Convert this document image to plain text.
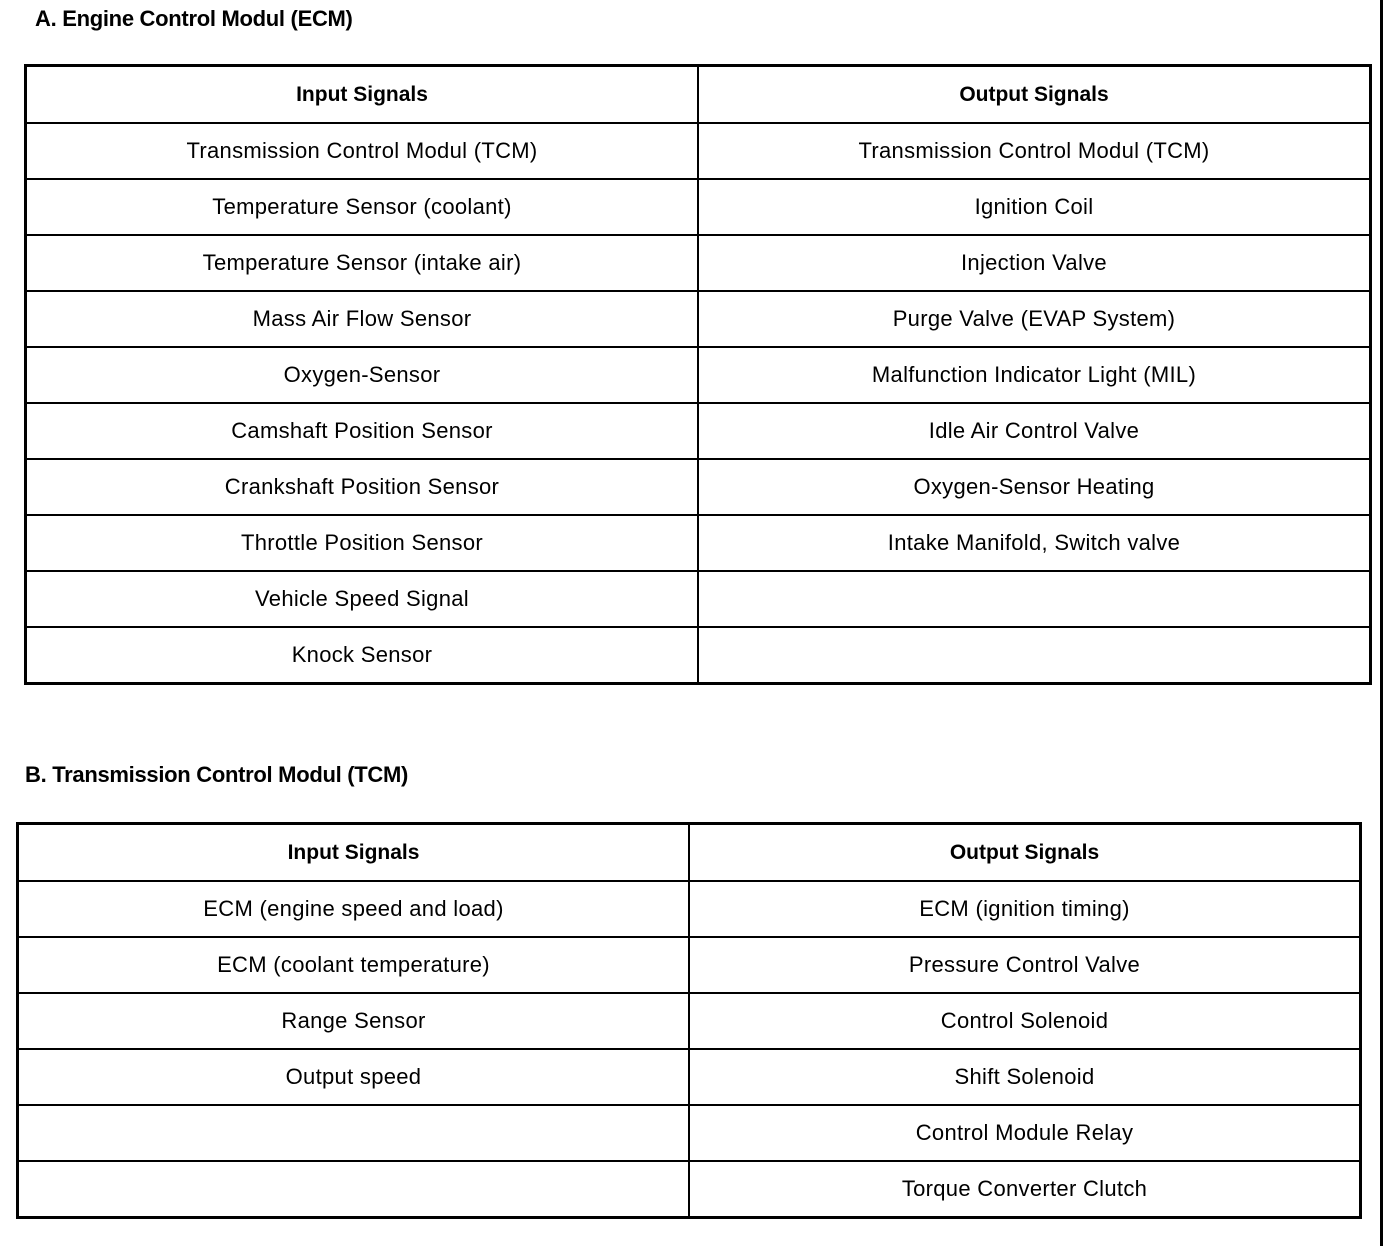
A. Engine Control Modul (ECM)
Input Signals	Output Signals
Transmission Control Modul (TCM)	Transmission Control Modul (TCM)
Temperature Sensor (coolant)	Ignition Coil
Temperature Sensor (intake air)	Injection Valve
Mass Air Flow Sensor	Purge Valve (EVAP System)
Oxygen-Sensor	Malfunction Indicator Light (MIL)
Camshaft Position Sensor	Idle Air Control Valve
Crankshaft Position Sensor	Oxygen-Sensor Heating
Throttle Position Sensor	Intake Manifold, Switch valve
Vehicle Speed Signal	
Knock Sensor	
B. Transmission Control Modul (TCM)
Input Signals	Output Signals
ECM (engine speed and load)	ECM (ignition timing)
ECM (coolant temperature)	Pressure Control Valve
Range Sensor	Control Solenoid
Output speed	Shift Solenoid
	Control Module Relay
	Torque Converter Clutch
